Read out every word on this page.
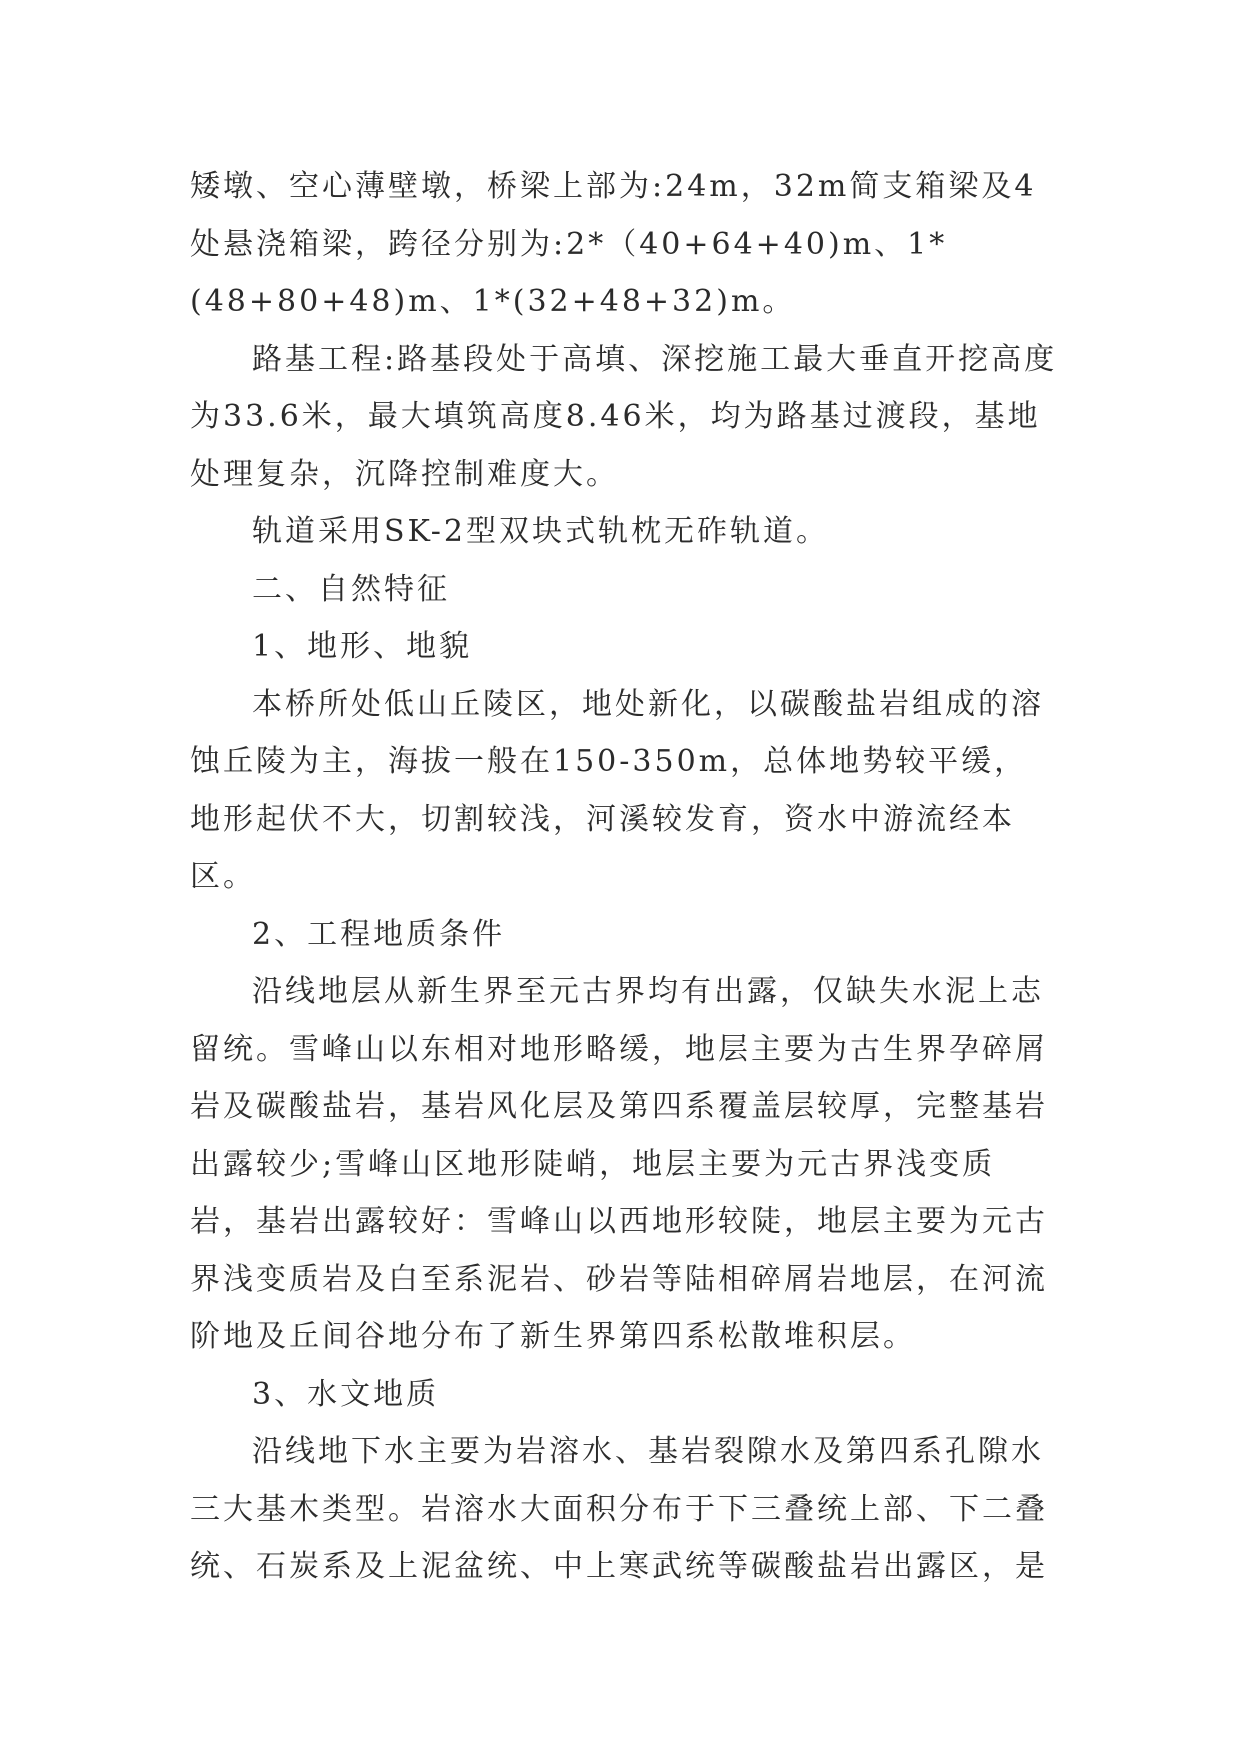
矮墩、空心薄壁墩，桥梁上部为:24m，32m简支箱梁及4处悬浇箱梁，跨径分别为:2*（40+64+40)m、1*(48+80+48)m、1*(32+48+32)m。

路基工程:路基段处于高填、深挖施工最大垂直开挖高度为33.6米，最大填筑高度8.46米，均为路基过渡段，基地处理复杂，沉降控制难度大。

轨道采用SK-2型双块式轨枕无砟轨道。

二、自然特征

1、地形、地貌

本桥所处低山丘陵区，地处新化，以碳酸盐岩组成的溶蚀丘陵为主，海拔一般在150-350m，总体地势较平缓，地形起伏不大，切割较浅，河溪较发育，资水中游流经本区。

2、工程地质条件

沿线地层从新生界至元古界均有出露，仅缺失水泥上志留统。雪峰山以东相对地形略缓，地层主要为古生界孕碎屑岩及碳酸盐岩，基岩风化层及第四系覆盖层较厚，完整基岩出露较少;雪峰山区地形陡峭，地层主要为元古界浅变质岩，基岩出露较好：雪峰山以西地形较陡，地层主要为元古界浅变质岩及白至系泥岩、砂岩等陆相碎屑岩地层，在河流阶地及丘间谷地分布了新生界第四系松散堆积层。

3、水文地质

沿线地下水主要为岩溶水、基岩裂隙水及第四系孔隙水三大基木类型。岩溶水大面积分布于下三叠统上部、下二叠统、石炭系及上泥盆统、中上寒武统等碳酸盐岩出露区，是
